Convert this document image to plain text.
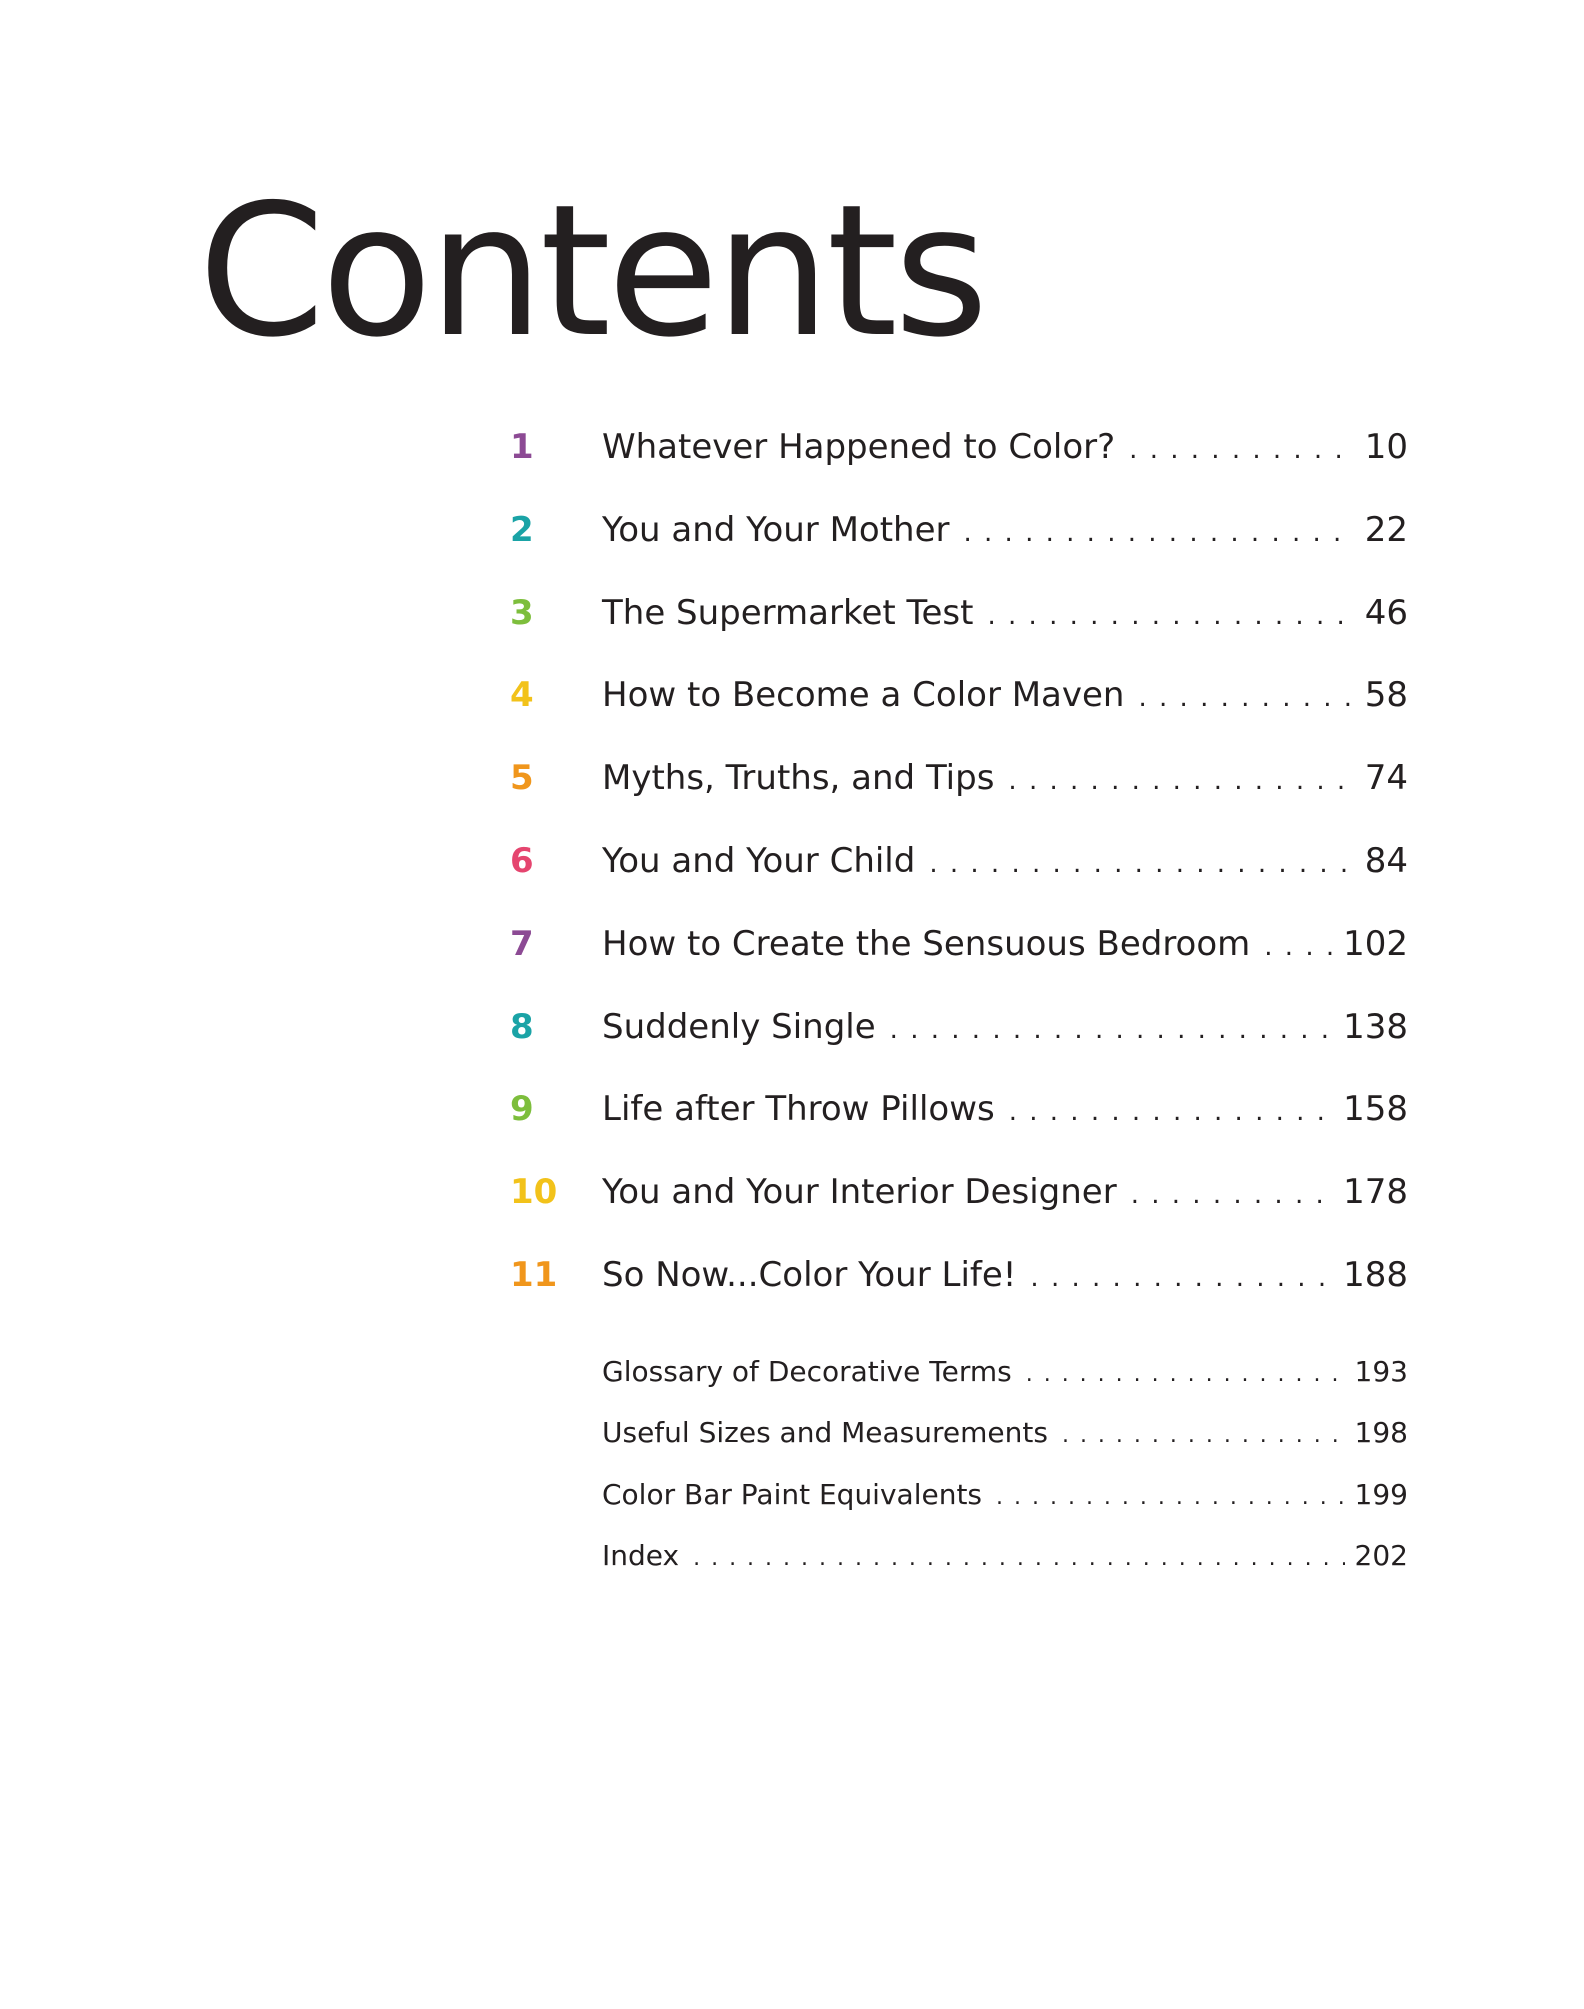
Contents
1	Whatever Happened to Color? . . .	10
2	You and Your Mother . . .	22
3	The Supermarket Test . . .	46
4	How to Become a Color Maven . . .	58
5	Myths, Truths, and Tips . . .	74
6	You and Your Child . . .	84
7	How to Create the Sensuous Bedroom . . .	102
8	Suddenly Single . . .	138
9	Life after Throw Pillows . . .	158
10	You and Your Interior Designer . . .	178
11	So Now...Color Your Life! . . .	188
Glossary of Decorative Terms . . .	193
Useful Sizes and Measurements . . .	198
Color Bar Paint Equivalents . . .	199
Index . . .	202
